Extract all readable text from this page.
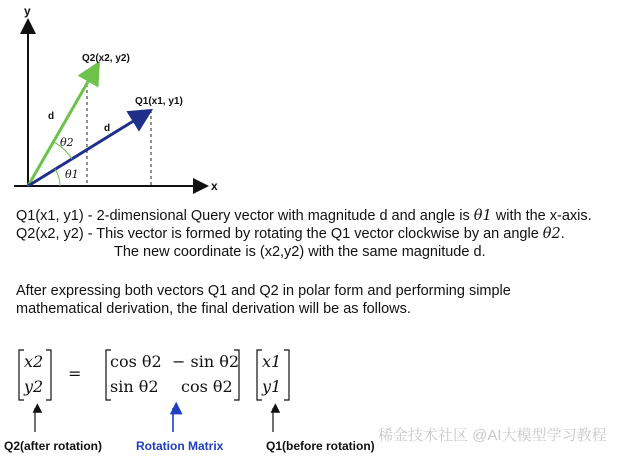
y
x
Q2(x2, y2)
Q1(x1, y1)
d
d
θ2
θ1
Q1(x1, y1) - 2-dimensional Query vector with magnitude d and angle is θ1 with the x-axis.
Q2(x2, y2) - This vector is formed by rotating the Q1 vector clockwise by an angle θ2.
The new coordinate is (x2,y2) with the same magnitude d.
After expressing both vectors Q1 and Q2 in polar form and performing simple
mathematical derivation, the final derivation will be as follows.
x2
y2
=
cos θ2 − sin θ2
sin θ2 cos θ2
x1
y1
Q2(after rotation)	Rotation Matrix	Q1(before rotation)
稀金技术社区 @AI大模型学习教程
